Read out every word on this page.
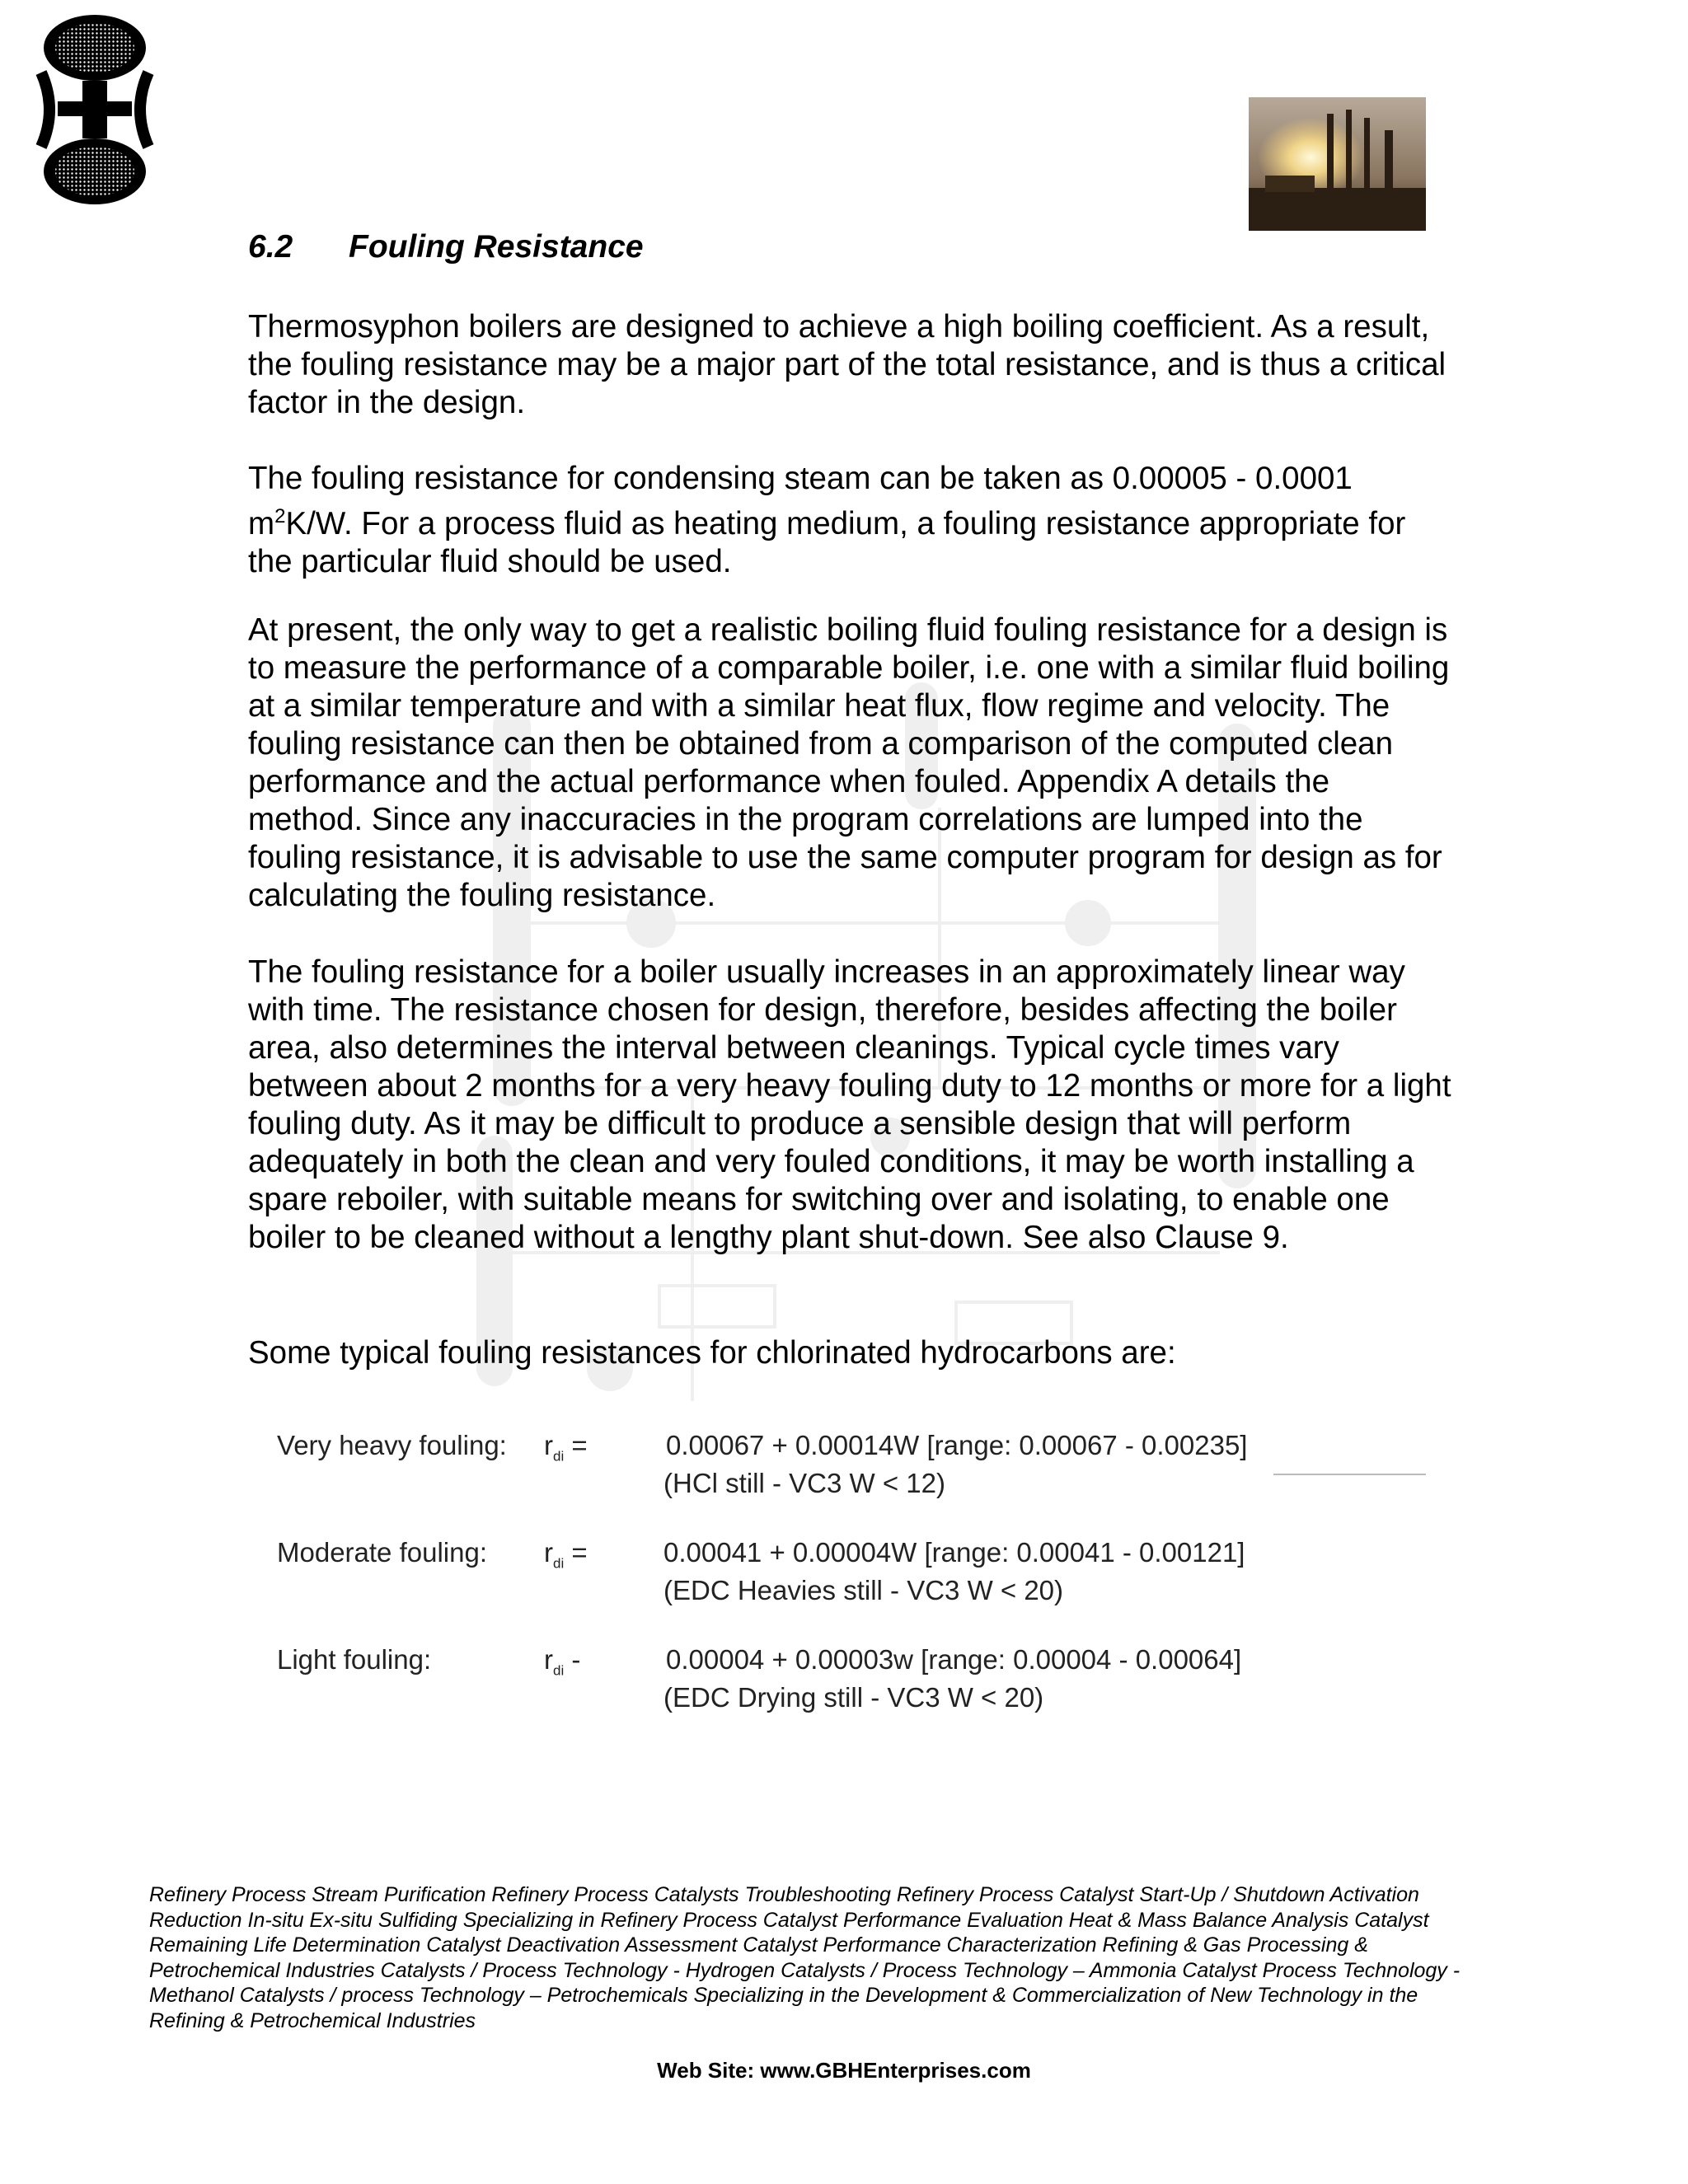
6.2 Fouling Resistance
Thermosyphon boilers are designed to achieve a high boiling coefficient. As a result, the fouling resistance may be a major part of the total resistance, and is thus a critical factor in the design.
The fouling resistance for condensing steam can be taken as 0.00005 - 0.0001 $m^2K/W$. For a process fluid as heating medium, a fouling resistance appropriate for the particular fluid should be used.
At present, the only way to get a realistic boiling fluid fouling resistance for a design is to measure the performance of a comparable boiler, i.e. one with a similar fluid boiling at a similar temperature and with a similar heat flux, flow regime and velocity. The fouling resistance can then be obtained from a comparison of the computed clean performance and the actual performance when fouled. Appendix A details the method. Since any inaccuracies in the program correlations are lumped into the fouling resistance, it is advisable to use the same computer program for design as for calculating the fouling resistance.
The fouling resistance for a boiler usually increases in an approximately linear way with time. The resistance chosen for design, therefore, besides affecting the boiler area, also determines the interval between cleanings. Typical cycle times vary between about 2 months for a very heavy fouling duty to 12 months or more for a light fouling duty. As it may be difficult to produce a sensible design that will perform adequately in both the clean and very fouled conditions, it may be worth installing a spare reboiler, with suitable means for switching over and isolating, to enable one boiler to be cleaned without a lengthy plant shut-down. See also Clause 9.
Some typical fouling resistances for chlorinated hydrocarbons are:
Very heavy fouling: $r_{di}$ =	0.00067 + 0.00014W [range: 0.00067 - 0.00235]
(HCl still - VC3 W < 12)
Moderate fouling: $r_{di}$ =	0.00041 + 0.00004W [range: 0.00041 - 0.00121]
(EDC Heavies still - VC3 W < 20)
Light fouling:	$r_{di}$ -	0.00004 + 0.00003w [range: 0.00004 - 0.00064]
(EDC Drying still - VC3 W < 20)
Refinery Process Stream Purification Refinery Process Catalysts Troubleshooting Refinery Process Catalyst Start-Up / Shutdown Activation Reduction In-situ Ex-situ Sulfiding Specializing in Refinery Process Catalyst Performance Evaluation Heat & Mass Balance Analysis Catalyst Remaining Life Determination Catalyst Deactivation Assessment Catalyst Performance Characterization Refining & Gas Processing & Petrochemical Industries Catalysts / Process Technology - Hydrogen Catalysts / Process Technology – Ammonia Catalyst Process Technology - Methanol Catalysts / process Technology – Petrochemicals Specializing in the Development & Commercialization of New Technology in the Refining & Petrochemical Industries
Web Site: www.GBHEnterprises.com
